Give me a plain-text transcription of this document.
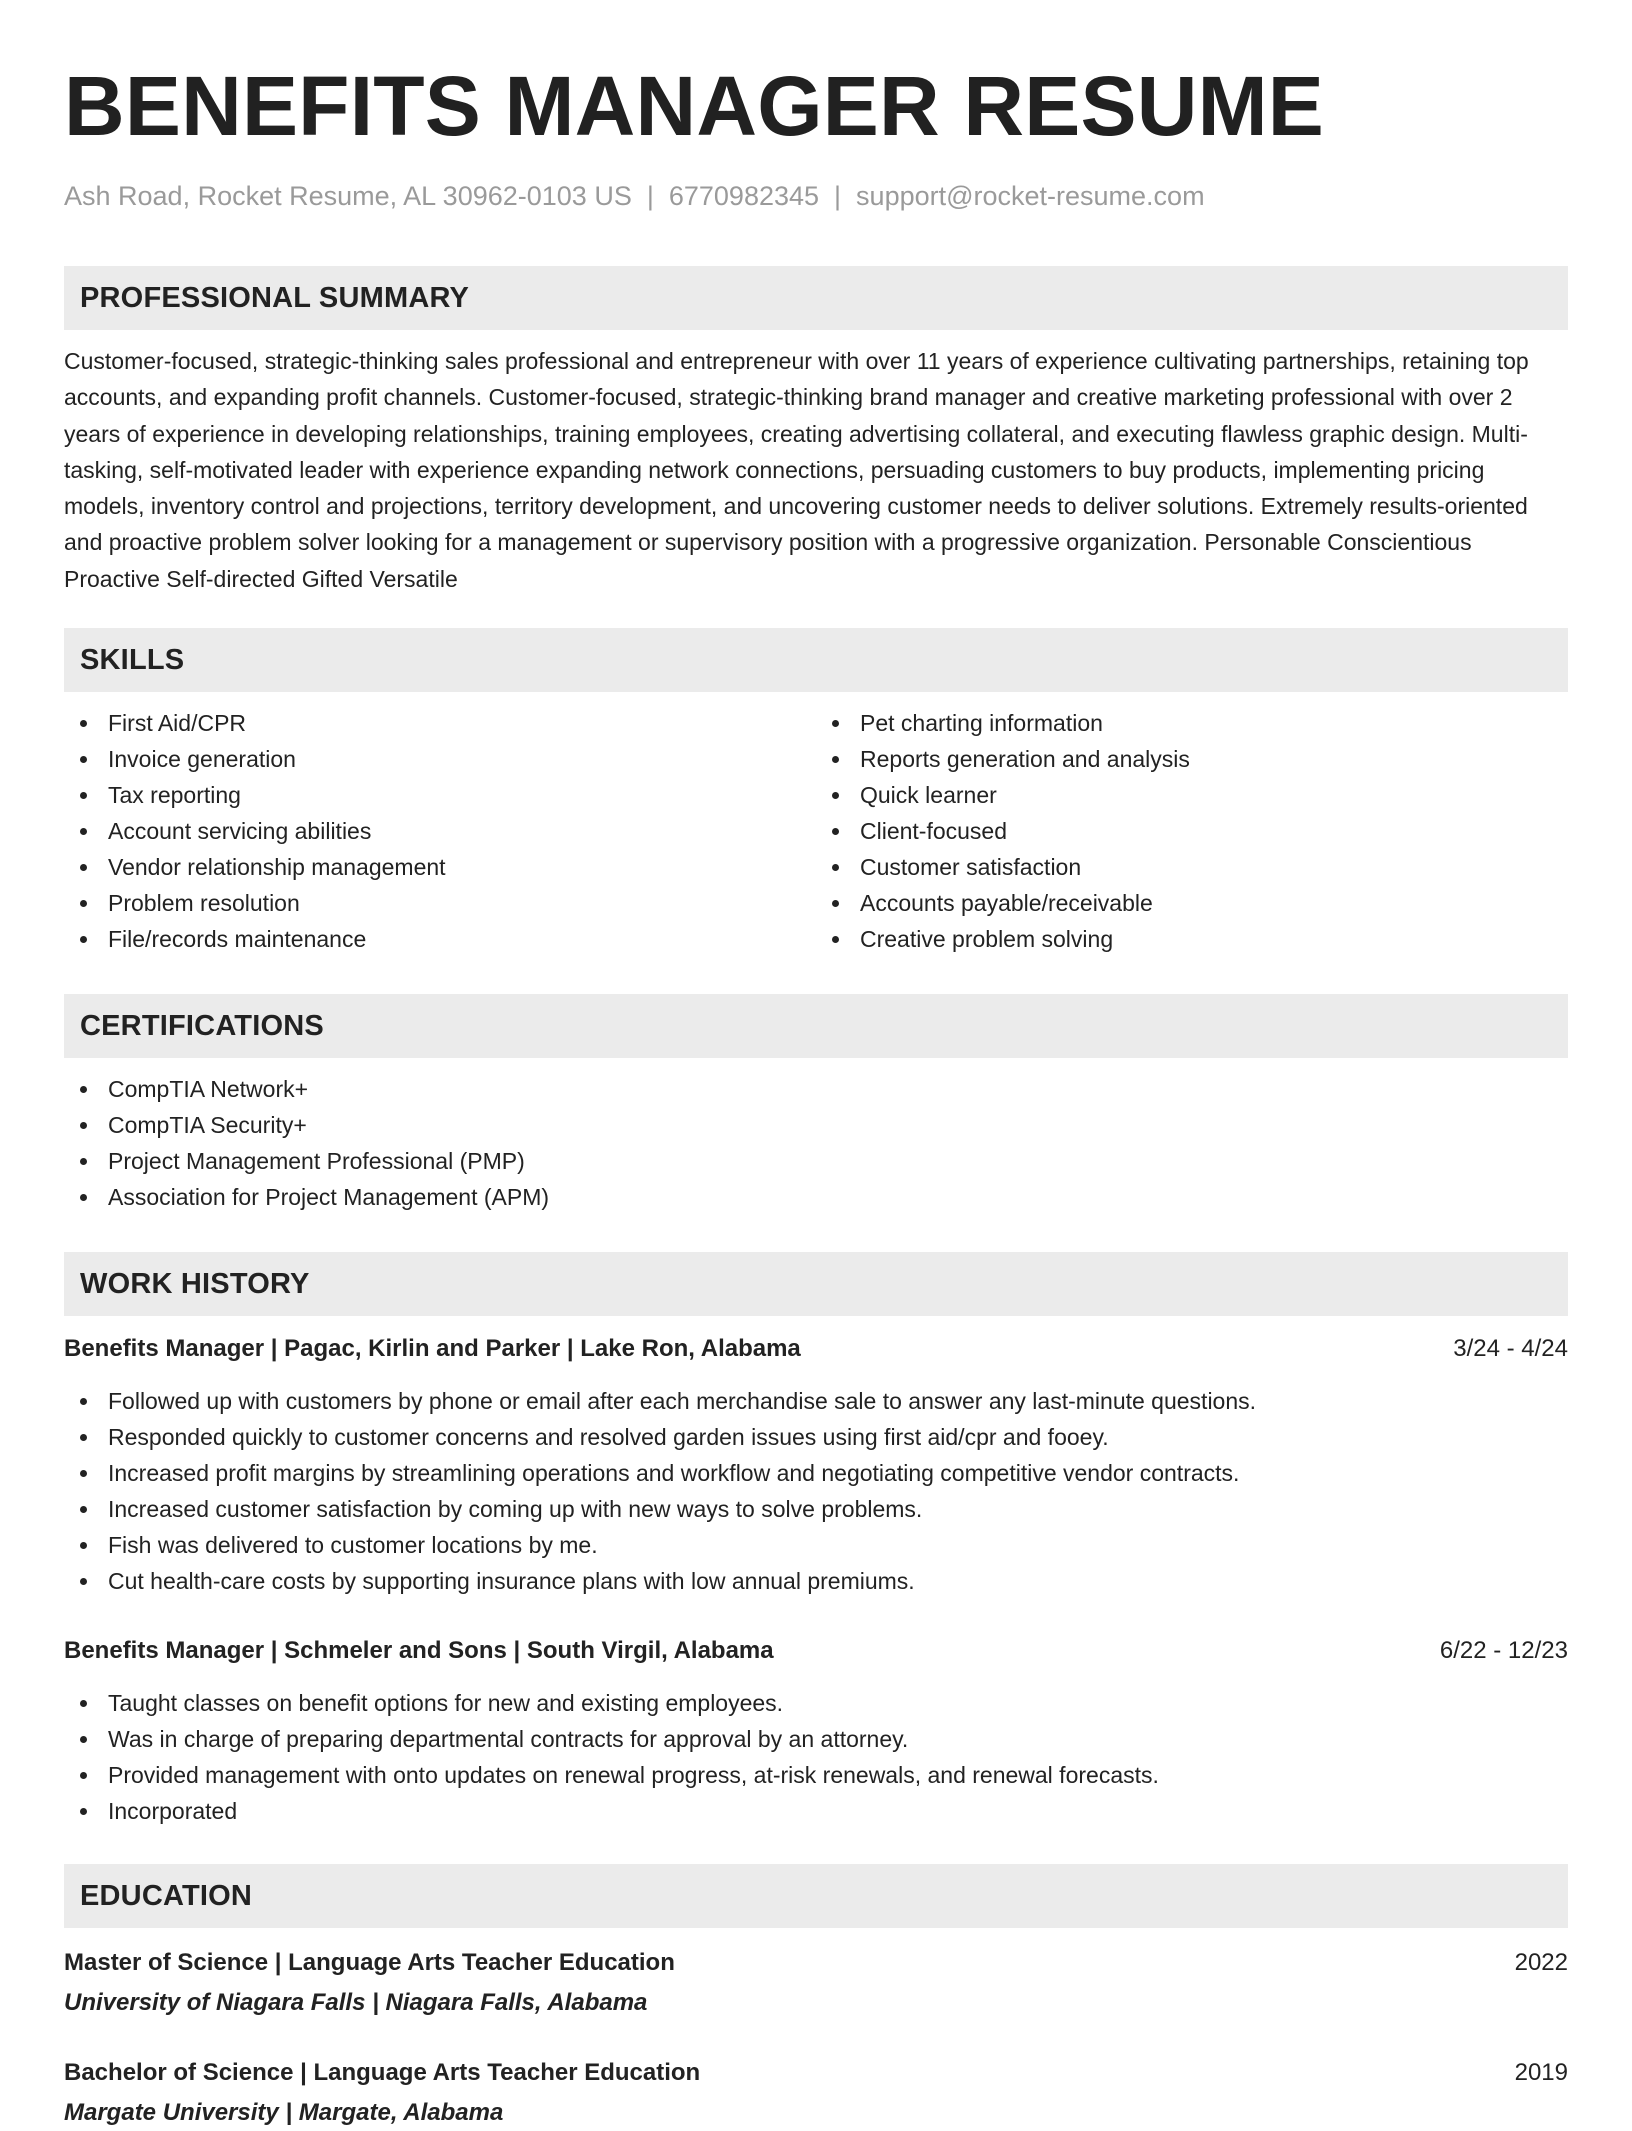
BENEFITS MANAGER RESUME
Ash Road, Rocket Resume, AL 30962-0103 US | 6770982345 | support@rocket-resume.com
PROFESSIONAL SUMMARY

Customer-focused, strategic-thinking sales professional and entrepreneur with over 11 years of experience cultivating partnerships, retaining top accounts, and expanding profit channels. Customer-focused, strategic-thinking brand manager and creative marketing professional with over 2 years of experience in developing relationships, training employees, creating advertising collateral, and executing flawless graphic design. Multi-tasking, self-motivated leader with experience expanding network connections, persuading customers to buy products, implementing pricing models, inventory control and projections, territory development, and uncovering customer needs to deliver solutions. Extremely results-oriented and proactive problem solver looking for a management or supervisory position with a progressive organization. Personable Conscientious Proactive Self-directed Gifted Versatile

SKILLS
First Aid/CPR
Invoice generation
Tax reporting
Account servicing abilities
Vendor relationship management
Problem resolution
File/records maintenance
Pet charting information
Reports generation and analysis
Quick learner
Client-focused
Customer satisfaction
Accounts payable/receivable
Creative problem solving
CERTIFICATIONS
CompTIA Network+
CompTIA Security+
Project Management Professional (PMP)
Association for Project Management (APM)
WORK HISTORY
Benefits Manager | Pagac, Kirlin and Parker | Lake Ron, Alabama	3/24 - 4/24
Followed up with customers by phone or email after each merchandise sale to answer any last-minute questions.
Responded quickly to customer concerns and resolved garden issues using first aid/cpr and fooey.
Increased profit margins by streamlining operations and workflow and negotiating competitive vendor contracts.
Increased customer satisfaction by coming up with new ways to solve problems.
Fish was delivered to customer locations by me.
Cut health-care costs by supporting insurance plans with low annual premiums.
Benefits Manager | Schmeler and Sons | South Virgil, Alabama	6/22 - 12/23
Taught classes on benefit options for new and existing employees.
Was in charge of preparing departmental contracts for approval by an attorney.
Provided management with onto updates on renewal progress, at-risk renewals, and renewal forecasts.
Incorporated
EDUCATION
Master of Science | Language Arts Teacher Education	2022
University of Niagara Falls | Niagara Falls, Alabama
Bachelor of Science | Language Arts Teacher Education	2019
Margate University | Margate, Alabama
